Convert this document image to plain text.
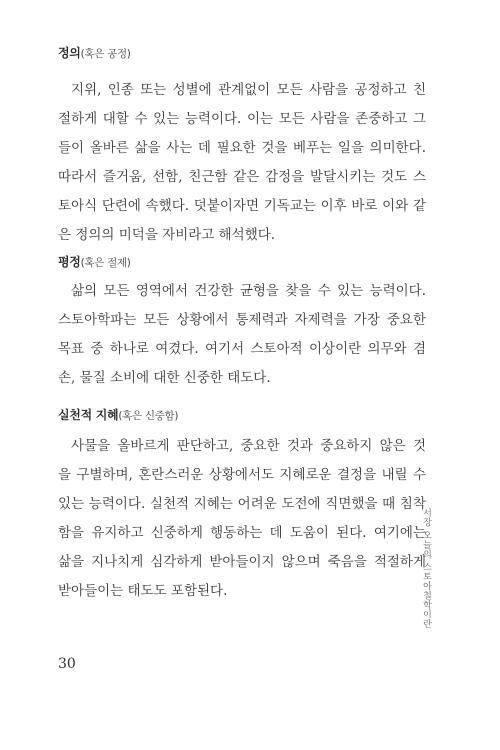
정의(혹은 공정)

지위, 인종 또는 성별에 관계없이 모든 사람을 공정하고 친
절하게 대할 수 있는 능력이다. 이는 모든 사람을 존중하고 그
들이 올바른 삶을 사는 데 필요한 것을 베푸는 일을 의미한다.
따라서 즐거움, 선함, 친근함 같은 감정을 발달시키는 것도 스
토아식 단련에 속했다. 덧붙이자면 기독교는 이후 바로 이와 같
은 정의의 미덕을 자비라고 해석했다.

평정(혹은 절제)

삶의 모든 영역에서 건강한 균형을 찾을 수 있는 능력이다.
스토아학파는 모든 상황에서 통제력과 자제력을 가장 중요한
목표 중 하나로 여겼다. 여기서 스토아적 이상이란 의무와 겸
손, 물질 소비에 대한 신중한 태도다.

실천적 지혜(혹은 신중함)

사물을 올바르게 판단하고, 중요한 것과 중요하지 않은 것
을 구별하며, 혼란스러운 상황에서도 지혜로운 결정을 내릴 수
있는 능력이다. 실천적 지혜는 어려운 도전에 직면했을 때 침착
함을 유지하고 신중하게 행동하는 데 도움이 된다. 여기에는
삶을 지나치게 심각하게 받아들이지 않으며 죽음을 적절하게
받아들이는 태도도 포함된다.	서장 오늘의 스토아철학이란
30
